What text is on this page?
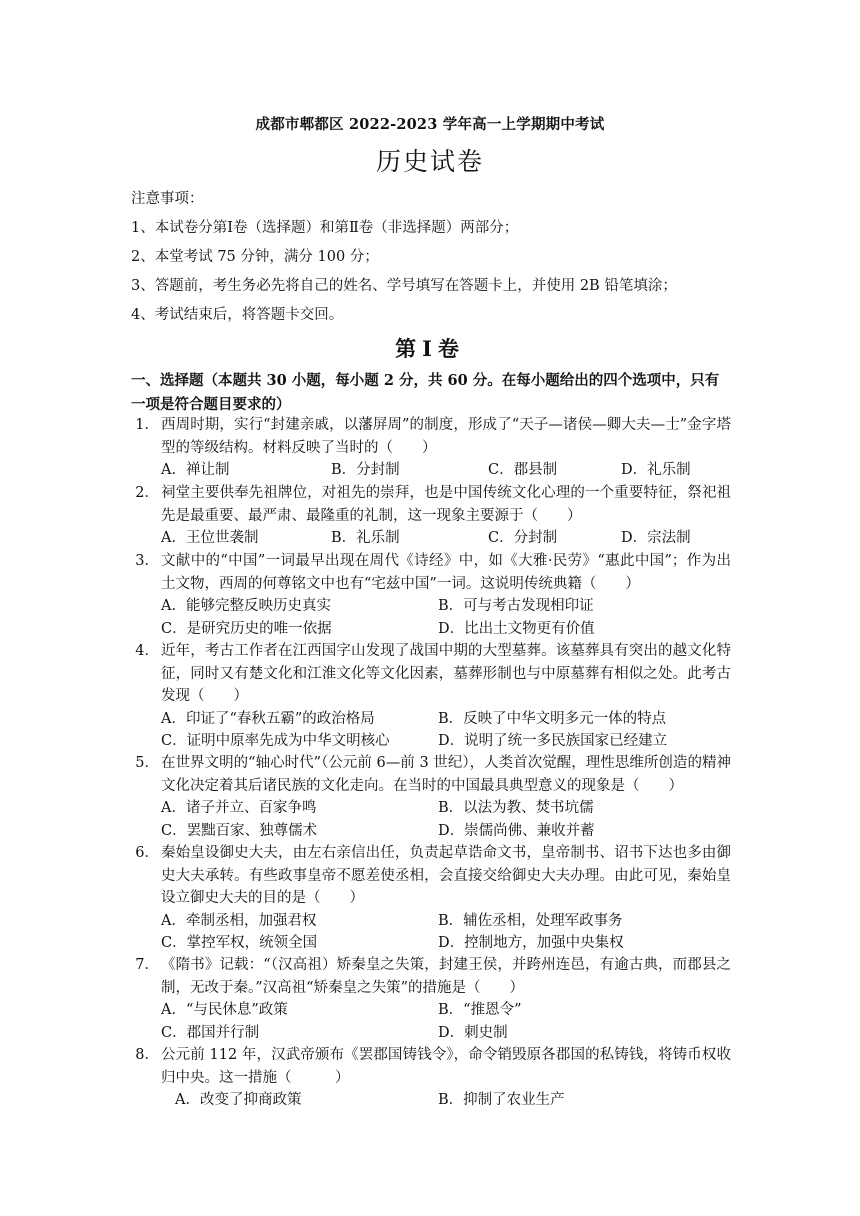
成都市郫都区 2022-2023 学年高一上学期期中考试
历史试卷
注意事项：
1、本试卷分第Ⅰ卷（选择题）和第Ⅱ卷（非选择题）两部分；
2、本堂考试 75 分钟，满分 100 分；
3、答题前，考生务必先将自己的姓名、学号填写在答题卡上，并使用 2B 铅笔填涂；
4、考试结束后，将答题卡交回。
第Ⅰ卷
一、选择题（本题共 30 小题，每小题 2 分，共 60 分。在每小题给出的四个选项中，只有一项是符合题目要求的）
1． 西周时期，实行“封建亲戚，以藩屏周”的制度，形成了“天子—诸侯—卿大夫—士”金字塔型的等级结构。材料反映了当时的（　　）
A．禅让制	B．分封制	C．郡县制	D．礼乐制
2． 祠堂主要供奉先祖牌位，对祖先的崇拜，也是中国传统文化心理的一个重要特征，祭祀祖先是最重要、最严肃、最隆重的礼制，这一现象主要源于（　　）
A．王位世袭制	B．礼乐制	C．分封制	D．宗法制
3． 文献中的“中国”一词最早出现在周代《诗经》中，如《大雅·民劳》“惠此中国”；作为出土文物，西周的何尊铭文中也有“宅兹中国”一词。这说明传统典籍（　　）
A．能够完整反映历史真实	B．可与考古发现相印证
C．是研究历史的唯一依据	D．比出土文物更有价值
4． 近年，考古工作者在江西国字山发现了战国中期的大型墓葬。该墓葬具有突出的越文化特征，同时又有楚文化和江淮文化等文化因素，墓葬形制也与中原墓葬有相似之处。此考古发现（　　）
A．印证了“春秋五霸”的政治格局	B．反映了中华文明多元一体的特点
C．证明中原率先成为中华文明核心	D．说明了统一多民族国家已经建立
5． 在世界文明的“轴心时代”（公元前 6—前 3 世纪），人类首次觉醒，理性思维所创造的精神文化决定着其后诸民族的文化走向。在当时的中国最具典型意义的现象是（　　）
A．诸子并立、百家争鸣	B．以法为教、焚书坑儒
C．罢黜百家、独尊儒术	D．崇儒尚佛、兼收并蓄
6． 秦始皇设御史大夫，由左右亲信出任，负责起草诰命文书，皇帝制书、诏书下达也多由御史大夫承转。有些政事皇帝不愿差使丞相，会直接交给御史大夫办理。由此可见，秦始皇设立御史大夫的目的是（　　）
A．牵制丞相，加强君权	B．辅佐丞相，处理军政事务
C．掌控军权，统领全国	D．控制地方，加强中央集权
7． 《隋书》记载：“（汉高祖）矫秦皇之失策，封建王侯，并跨州连邑，有逾古典，而郡县之制，无改于秦。”汉高祖“矫秦皇之失策”的措施是（　　）
A．“与民休息”政策	B．“推恩令”
C．郡国并行制	D．刺史制
8． 公元前 112 年，汉武帝颁布《罢郡国铸钱令》，命令销毁原各郡国的私铸钱，将铸币权收归中央。这一措施（　　　）
A．改变了抑商政策	B．抑制了农业生产
